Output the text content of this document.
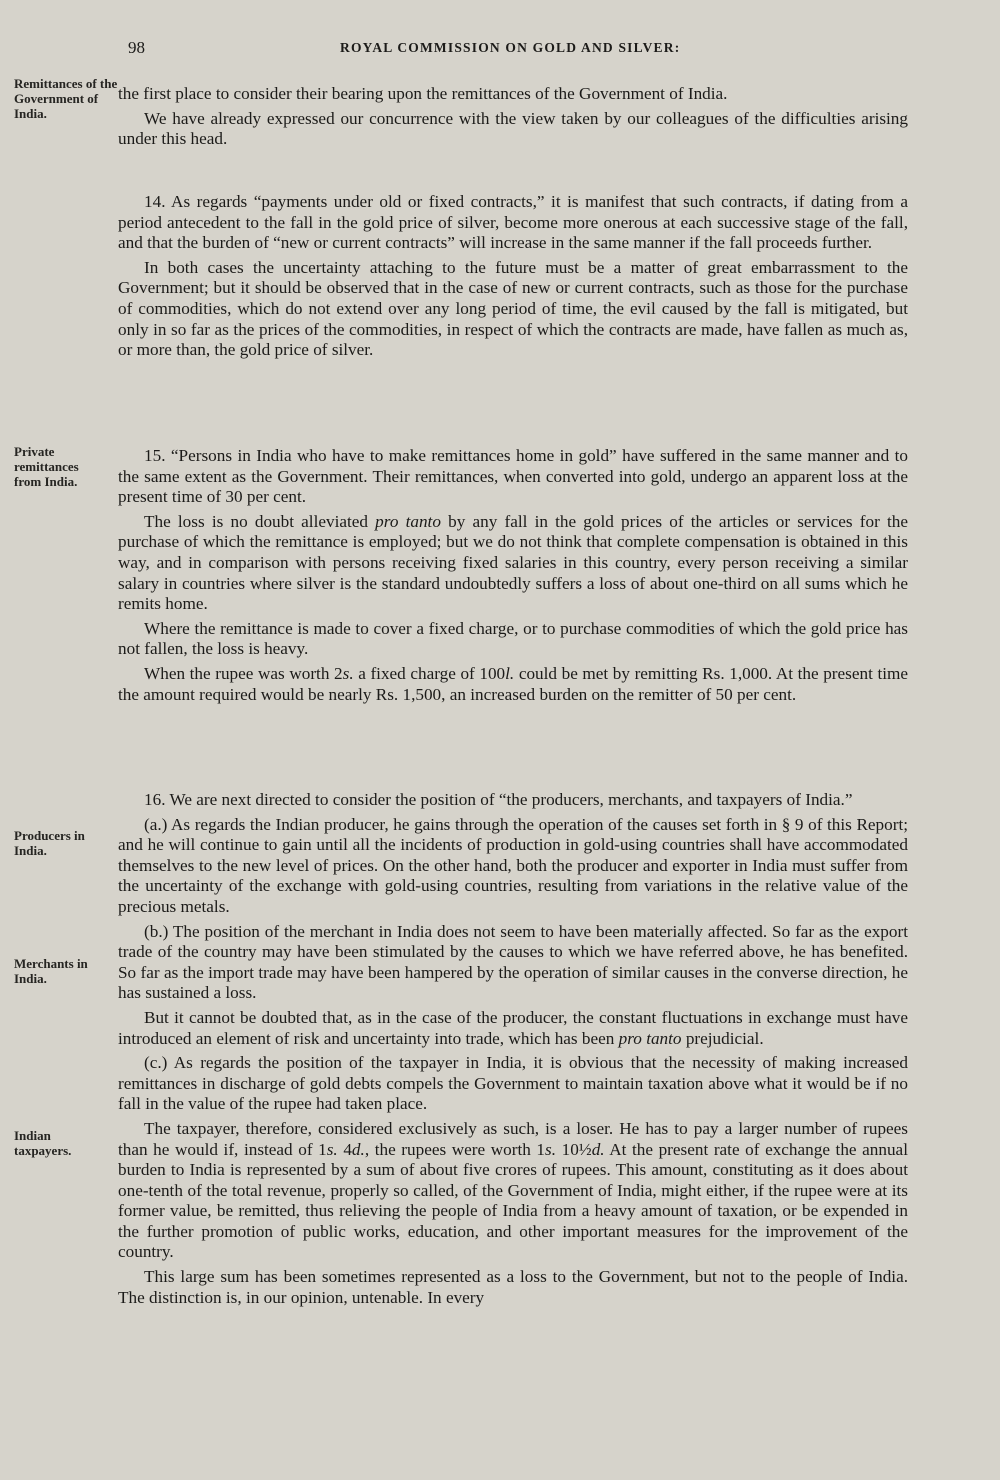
98	ROYAL COMMISSION ON GOLD AND SILVER:
Remittances of the Government of India.
Private remittances from India.
Producers in India.
Merchants in India.
Indian taxpayers.

the first place to consider their bearing upon the remittances of the Government of India.

We have already expressed our concurrence with the view taken by our colleagues of the difficulties arising under this head.

14. As regards “payments under old or fixed contracts,” it is manifest that such contracts, if dating from a period antecedent to the fall in the gold price of silver, become more onerous at each successive stage of the fall, and that the burden of “new or current contracts” will increase in the same manner if the fall proceeds further.

In both cases the uncertainty attaching to the future must be a matter of great embarrassment to the Government; but it should be observed that in the case of new or current contracts, such as those for the purchase of commodities, which do not extend over any long period of time, the evil caused by the fall is mitigated, but only in so far as the prices of the commodities, in respect of which the contracts are made, have fallen as much as, or more than, the gold price of silver.

15. “Persons in India who have to make remittances home in gold” have suffered in the same manner and to the same extent as the Government. Their remittances, when converted into gold, undergo an apparent loss at the present time of 30 per cent.

The loss is no doubt alleviated pro tanto by any fall in the gold prices of the articles or services for the purchase of which the remittance is employed; but we do not think that complete compensation is obtained in this way, and in comparison with persons receiving fixed salaries in this country, every person receiving a similar salary in countries where silver is the standard undoubtedly suffers a loss of about one-third on all sums which he remits home.

Where the remittance is made to cover a fixed charge, or to purchase commodities of which the gold price has not fallen, the loss is heavy.

When the rupee was worth 2s. a fixed charge of 100l. could be met by remitting Rs. 1,000. At the present time the amount required would be nearly Rs. 1,500, an increased burden on the remitter of 50 per cent.

16. We are next directed to consider the position of “the producers, merchants, and taxpayers of India.”

(a.) As regards the Indian producer, he gains through the operation of the causes set forth in § 9 of this Report; and he will continue to gain until all the incidents of production in gold-using countries shall have accommodated themselves to the new level of prices. On the other hand, both the producer and exporter in India must suffer from the uncertainty of the exchange with gold-using countries, resulting from variations in the relative value of the precious metals.

(b.) The position of the merchant in India does not seem to have been materially affected. So far as the export trade of the country may have been stimulated by the causes to which we have referred above, he has benefited. So far as the import trade may have been hampered by the operation of similar causes in the converse direction, he has sustained a loss.

But it cannot be doubted that, as in the case of the producer, the constant fluctuations in exchange must have introduced an element of risk and uncertainty into trade, which has been pro tanto prejudicial.

(c.) As regards the position of the taxpayer in India, it is obvious that the necessity of making increased remittances in discharge of gold debts compels the Government to maintain taxation above what it would be if no fall in the value of the rupee had taken place.

The taxpayer, therefore, considered exclusively as such, is a loser. He has to pay a larger number of rupees than he would if, instead of 1s. 4d., the rupees were worth 1s. 10½d. At the present rate of exchange the annual burden to India is represented by a sum of about five crores of rupees. This amount, constituting as it does about one-tenth of the total revenue, properly so called, of the Government of India, might either, if the rupee were at its former value, be remitted, thus relieving the people of India from a heavy amount of taxation, or be expended in the further promotion of public works, education, and other important measures for the improvement of the country.

This large sum has been sometimes represented as a loss to the Government, but not to the people of India. The distinction is, in our opinion, untenable. In every
